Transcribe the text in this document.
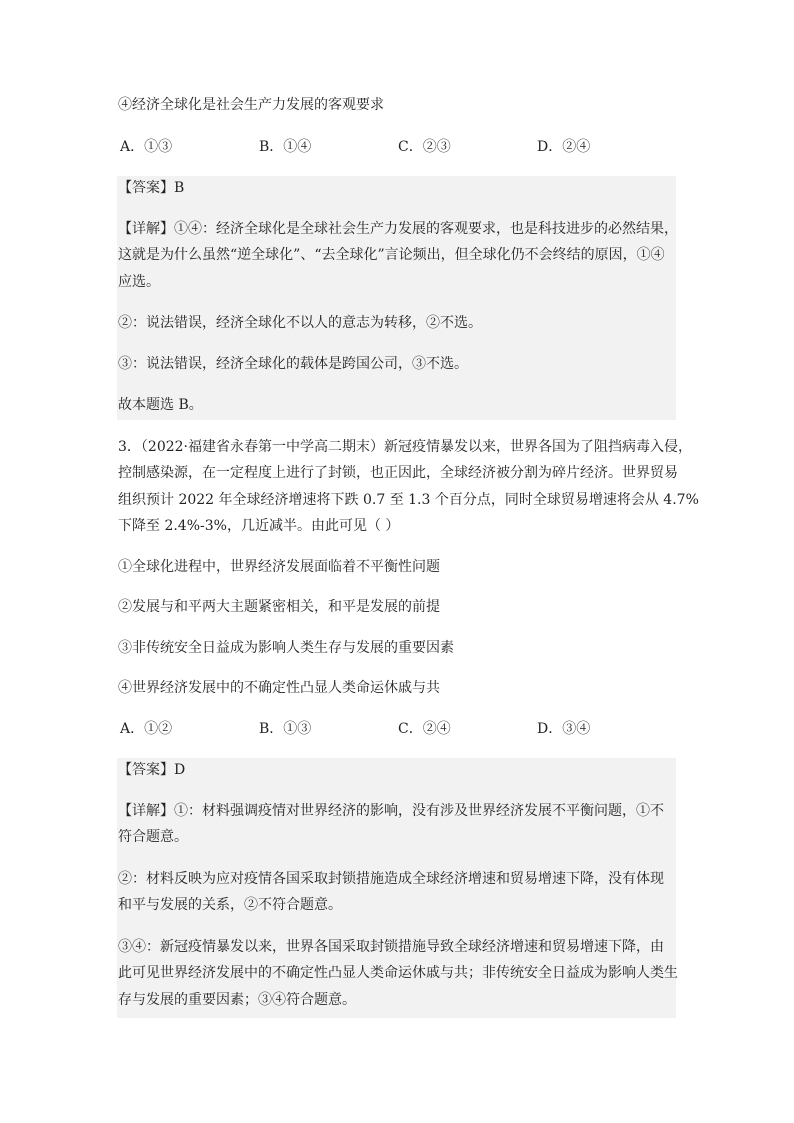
④经济全球化是社会生产力发展的客观要求
A．①③	B．①④	C．②③	D．②④
【答案】B
【详解】①④：经济全球化是全球社会生产力发展的客观要求，也是科技进步的必然结果，
这就是为什么虽然“逆全球化”、“去全球化”言论频出，但全球化仍不会终结的原因，①④
应选。
②：说法错误，经济全球化不以人的意志为转移，②不选。
③：说法错误，经济全球化的载体是跨国公司，③不选。
故本题选 B。
3．（2022·福建省永春第一中学高二期末）新冠疫情暴发以来，世界各国为了阻挡病毒入侵，
控制感染源，在一定程度上进行了封锁，也正因此，全球经济被分割为碎片经济。世界贸易
组织预计 2022 年全球经济增速将下跌 0.7 至 1.3 个百分点，同时全球贸易增速将会从 4.7%
下降至 2.4%-3%，几近减半。由此可见（ ）
①全球化进程中，世界经济发展面临着不平衡性问题
②发展与和平两大主题紧密相关，和平是发展的前提
③非传统安全日益成为影响人类生存与发展的重要因素
④世界经济发展中的不确定性凸显人类命运休戚与共
A．①②	B．①③	C．②④	D．③④
【答案】D
【详解】①：材料强调疫情对世界经济的影响，没有涉及世界经济发展不平衡问题，①不
符合题意。
②：材料反映为应对疫情各国采取封锁措施造成全球经济增速和贸易增速下降，没有体现
和平与发展的关系，②不符合题意。
③④：新冠疫情暴发以来，世界各国采取封锁措施导致全球经济增速和贸易增速下降，由
此可见世界经济发展中的不确定性凸显人类命运休戚与共；非传统安全日益成为影响人类生
存与发展的重要因素；③④符合题意。
